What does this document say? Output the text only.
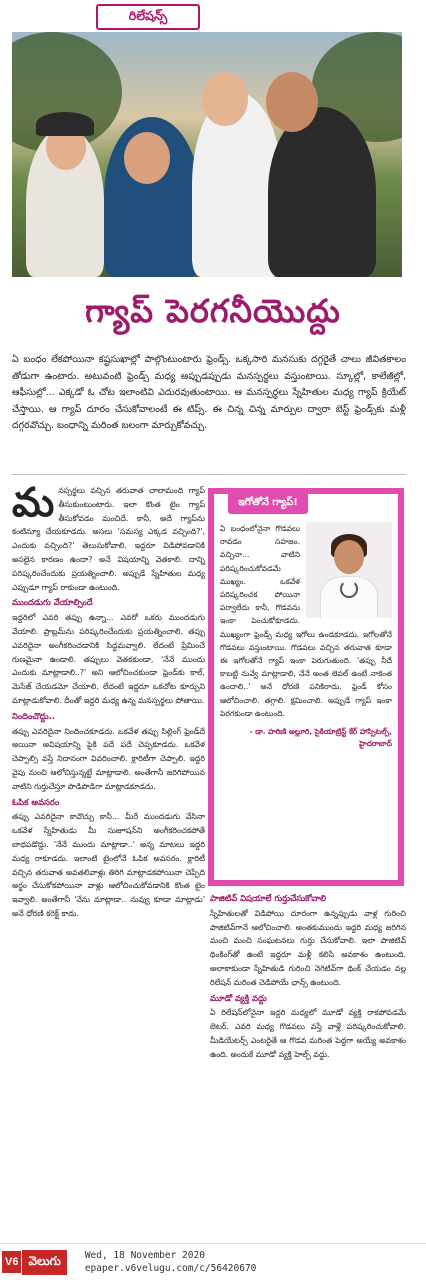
రిలేషన్స్
గ్యాప్ పెరగనీయొద్దు
ఏ బంధం లేకపోయినా కష్టసుఖాల్లో పాల్గొంటుంటారు ఫ్రెండ్స్. ఒక్కసారి మనసుకు దగ్గరైతే చాలు జీవితకాలం తోడుగా ఉంటారు. అటువంటి ఫ్రెండ్స్ మధ్య అప్పుడప్పుడు మనస్పర్థలు వస్తుంటాయి. స్కూల్లో, కాలేజీల్లో, ఆఫీసుల్లో... ఎక్కడో ఓ చోట ఇలాంటివి ఎదురవుతుంటాయి. ఆ మనస్పర్థలు స్నేహితుల మధ్య గ్యాప్ క్రియేట్ చేస్తాయి. ఆ గ్యాప్ దూరం చేసుకోవాలంటే ఈ టిప్స్. ఈ చిన్న చిన్న మార్పుల ద్వారా బెస్ట్ ఫ్రెండ్స్‌కు మళ్లీ దగ్గరవొచ్చు. బంధాన్ని మరింత బలంగా మార్చుకోవచ్చు.

మనస్పర్థలు వచ్చిన తరువాత చాలామంది గ్యాప్ తీసుకుంటుంటారు. ఇలా కొంత టైం గ్యాప్ తీసుకోవడం మంచిదే. కానీ, అదే గ్యాప్‌ను కంటిన్యూ చేయకూడదు. అసలు 'సమస్య ఎక్కడ వచ్చింది?', ఎందుకు వచ్చింది?' తెలుసుకోవాలి. ఇద్దరూ విడిపోవడానికి అసలైన కారణం ఉందా? అనే విషయాన్ని వెతకాలి. దాన్ని పరిష్కరించేందుకు ప్రయత్నించాలి. అప్పుడే స్నేహితుల మధ్య ఎప్పుడూ గ్యాప్ రాకుండా ఉంటుంది.

ముందడుగు వేయాల్సిందే

ఇద్దరిలో ఎవరి తప్పు ఉన్నా... ఎవరో ఒకరు ముందడుగు వేయాలి. ప్రాబ్లమ్‌ను పరిష్కరించేందుకు ప్రయత్నించాలి. తప్పు ఎవరిదైనా అంగీకరించడానికి సిద్ధమవ్వాలి. లేదంటే ప్రేమించే గుణమైనా ఉండాలి. తప్పులు వెతకకుండా, 'నేనే ముందు ఎందుకు మాట్లాడాలి..?' అని ఆలోచించకుండా ఫ్రెండ్‌కు కాల్, మెసేజ్ చేయడమో చేయాలి. లేదంటే ఇద్దరూ ఒకచోట కూర్చుని మాట్లాడుకోవాలి. దీంతో ఇద్దరి మధ్య ఉన్న మనస్పర్థలు పోతాయి.

నిందించొద్దు..

తప్పు ఎవరిదైనా నిందించకూడదు. ఒకవేళ తప్పు సిల్లింగ్ ఫ్రెండ్‌దే అయినా అవిషయాన్ని పైకి పదే పదే చెప్పకూడదు. ఒకవేళ చెప్పాల్సి వస్తే నిదానంగా వివరించాలి. క్లారిటీగా చెప్పాలి. ఇద్దరి వైపు నుంచి ఆలోచిస్తున్నట్టే మాట్లాడాలి. అంతేగానీ జరిగిపోయిన వాటిని గుర్తుచేస్తూ పొడిపొడిగా మాట్లాడకూడదు.

ఓపిక అవసరం

తప్పు ఎవరిదైనా కావొచ్చు కానీ... మీరే ముందడుగు వేసినా ఒకవేళ స్నేహితుడు మీ సుజూషన్‌ని అంగీకరించకపోతే బాధపడొద్దు. 'నేనే ముందు మాట్లాడా..' అన్న మాటలు ఇద్దరి మధ్య రాకూడదు. ఇలాంటి టైంలోనే ఓపిక అవసరం. క్లారిటీ వచ్చిన తరువాత అవతలివాళ్లు తిరిగి మాట్లాడకపోయినా చెప్పేది అర్థం చేసుకోకపోయినా వాళ్లు ఆలోచించుకోవడానికి కొంత టైం ఇవ్వాలి. అంతేగానీ 'నేను మాట్లాడా.. నువ్వు కూడా మాట్లాడు' అనే ధోరణి కరెక్ట్ కాదు.

ఇగోతోనే గ్యాప్!
ఏ బంధంలోనైనా గొడవలు రావడం సహజం. వచ్చినా... వాటిని పరిష్కరించుకోవడమే ముఖ్యం. ఒకవేళ పరిష్కరించక పోయినా పర్వాలేదు కానీ, గొడవను ఇంకా పెంచుకోకూడదు. ముఖ్యంగా ఫ్రెండ్స్ మధ్య ఇగోలు ఉండకూడదు. ఇగోలతోనే గొడవలు వస్తుంటాయి. గొడవలు వచ్చిన తరువాత కూడా ఈ ఇగోలతోనే గ్యాప్ ఇంకా పెరుగుతుంది. 'తప్పు నీదే కాబట్టి నువ్వే మాట్లాడాలి, నేనే అంత లెవల్ ఉంటే నాకెంత ఉందాలి..' అనే ధోరణి పనికిరాదు. ఫ్రెండ్ కోసం ఆలోచించాలి. తగ్గాలి. క్షమించాలి. అప్పుడే గ్యాప్ ఇంకా పెరగకుండా ఉంటుంది.
- డా. హరిణి అల్లూరి, సైకియాట్రిస్ట్ కేర్ హాస్పిటల్స్, హైదరాబాద్
పాజిటివ్ విషయాలే గుర్తుచేసుకోవాలి

స్నేహితులతో విడిపోయి దూరంగా ఉన్నప్పుడు వాళ్ల గురించి పాజిటివ్‌గానే ఆలోచించాలి. అంతకుముందు ఇద్దరి మధ్య జరిగిన మంచి మంచి సంఘటనలు గుర్తు చేసుకోవాలి. ఇలా పాజిటివ్ థింకింగ్‌తో ఉంటే ఇద్దరూ మళ్లీ కలిసే అవకాశం ఉంటుంది. అలాకాకుండా స్నేహితుడి గురించి నెగెటివ్‌గా థింక్ చేయడం వల్ల రిలేషన్ మరింత చెడిపోయే ఛాన్స్ ఉంటుంది.

మూడో వ్యక్తి వద్దు

ఏ రిలేషన్‌లోనైనా ఇద్దరి మధ్యలో మూడో వ్యక్తి రాకపోవడమే బెటర్. ఎవరి మధ్య గొడవలు వస్తే వాళ్లే పరిష్కరించుకోవాలి. మీడియేటర్స్ ఎంటరైతే ఆ గొడవ మరింత పెద్దగా అయ్యే అవకాశం ఉంది. అందుకే మూడో వ్యక్తి హెల్ప్ వద్దు.

V6 వెలుగు	Wed, 18 November 2020
epaper.v6velugu.com/c/56420670
